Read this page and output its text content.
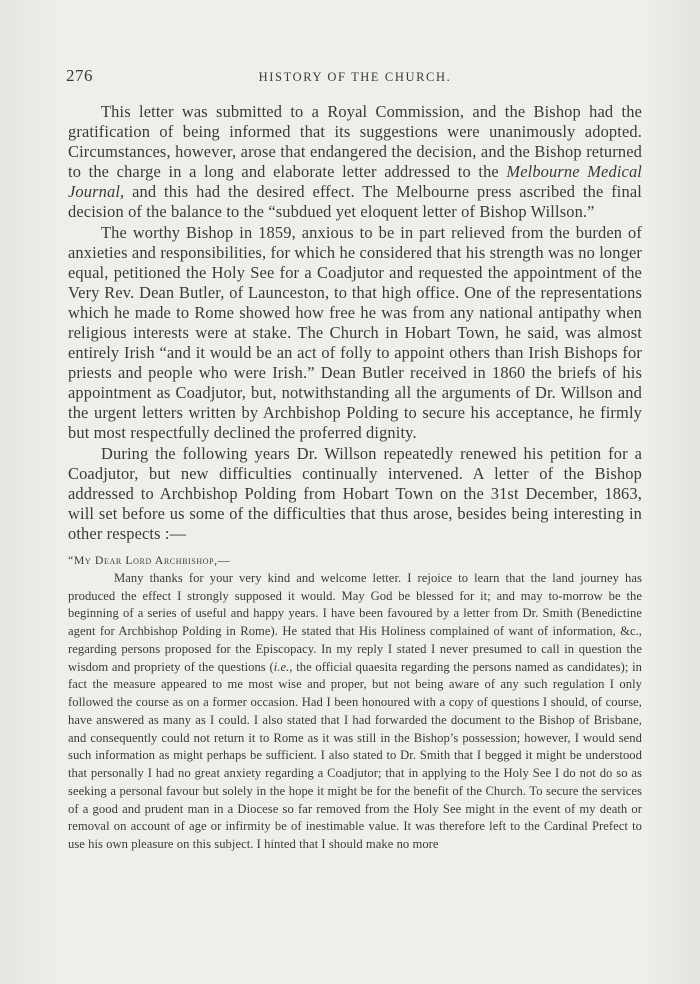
276	HISTORY OF THE CHURCH.

This letter was submitted to a Royal Commission, and the Bishop had the gratification of being informed that its suggestions were unanimously adopted. Circumstances, however, arose that endangered the decision, and the Bishop returned to the charge in a long and elaborate letter addressed to the Melbourne Medical Journal, and this had the desired effect. The Melbourne press ascribed the final decision of the balance to the “subdued yet eloquent letter of Bishop Willson.”

The worthy Bishop in 1859, anxious to be in part relieved from the burden of anxieties and responsibilities, for which he considered that his strength was no longer equal, petitioned the Holy See for a Coadjutor and requested the appointment of the Very Rev. Dean Butler, of Launceston, to that high office. One of the representations which he made to Rome showed how free he was from any national antipathy when religious interests were at stake. The Church in Hobart Town, he said, was almost entirely Irish “and it would be an act of folly to appoint others than Irish Bishops for priests and people who were Irish.” Dean Butler received in 1860 the briefs of his appointment as Coadjutor, but, notwithstanding all the arguments of Dr. Willson and the urgent letters written by Archbishop Polding to secure his acceptance, he firmly but most respectfully declined the proferred dignity.

During the following years Dr. Willson repeatedly renewed his petition for a Coadjutor, but new difficulties continually intervened. A letter of the Bishop addressed to Archbishop Polding from Hobart Town on the 31st December, 1863, will set before us some of the difficulties that thus arose, besides being interesting in other respects :—

“My Dear Lord Archbishop,—

Many thanks for your very kind and welcome letter. I rejoice to learn that the land journey has produced the effect I strongly supposed it would. May God be blessed for it; and may to-morrow be the beginning of a series of useful and happy years. I have been favoured by a letter from Dr. Smith (Benedictine agent for Archbishop Polding in Rome). He stated that His Holiness complained of want of information, &c., regarding persons proposed for the Episcopacy. In my reply I stated I never presumed to call in question the wisdom and propriety of the questions (i.e., the official quaesita regarding the persons named as candidates); in fact the measure appeared to me most wise and proper, but not being aware of any such regulation I only followed the course as on a former occasion. Had I been honoured with a copy of questions I should, of course, have answered as many as I could. I also stated that I had forwarded the document to the Bishop of Brisbane, and consequently could not return it to Rome as it was still in the Bishop’s possession; however, I would send such information as might perhaps be sufficient. I also stated to Dr. Smith that I begged it might be understood that personally I had no great anxiety regarding a Coadjutor; that in applying to the Holy See I do not do so as seeking a personal favour but solely in the hope it might be for the benefit of the Church. To secure the services of a good and prudent man in a Diocese so far removed from the Holy See might in the event of my death or removal on account of age or infirmity be of inestimable value. It was therefore left to the Cardinal Prefect to use his own pleasure on this subject. I hinted that I should make no more
